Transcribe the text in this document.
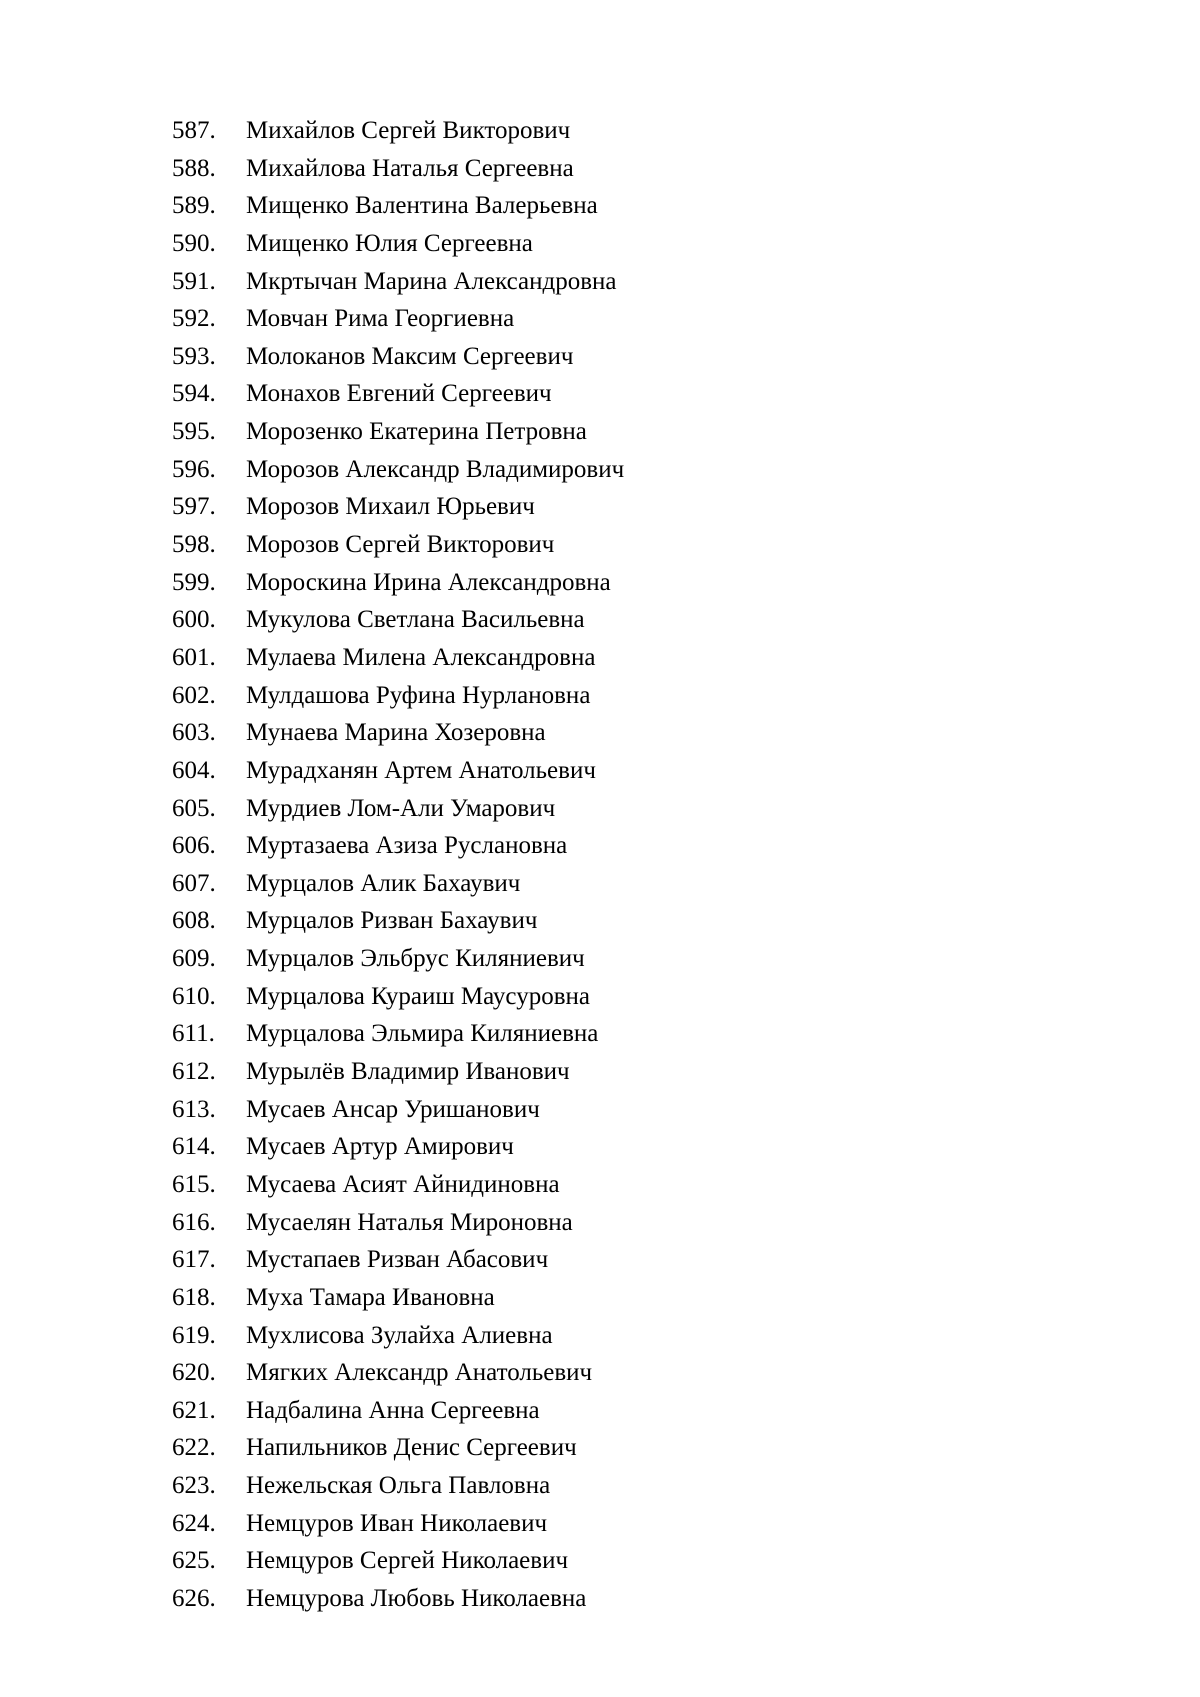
587. Михайлов Сергей Викторович
588. Михайлова Наталья Сергеевна
589. Мищенко Валентина Валерьевна
590. Мищенко Юлия Сергеевна
591. Мкртычан Марина Александровна
592. Мовчан Рима Георгиевна
593. Молоканов Максим Сергеевич
594. Монахов Евгений Сергеевич
595. Морозенко Екатерина Петровна
596. Морозов Александр Владимирович
597. Морозов Михаил Юрьевич
598. Морозов Сергей Викторович
599. Мороскина Ирина Александровна
600. Мукулова Светлана Васильевна
601. Мулаева Милена Александровна
602. Мулдашова Руфина Нурлановна
603. Мунаева Марина Хозеровна
604. Мурадханян Артем Анатольевич
605. Мурдиев Лом-Али Умарович
606. Муртазаева Азиза Руслановна
607. Мурцалов Алик Бахаувич
608. Мурцалов Ризван Бахаувич
609. Мурцалов Эльбрус Киляниевич
610. Мурцалова Кураиш Маусуровна
611. Мурцалова Эльмира Киляниевна
612. Мурылёв Владимир Иванович
613. Мусаев Ансар Уришанович
614. Мусаев Артур Амирович
615. Мусаева Асият Айнидиновна
616. Мусаелян Наталья Мироновна
617. Мустапаев Ризван Абасович
618. Муха Тамара Ивановна
619. Мухлисова Зулайха Алиевна
620. Мягких Александр Анатольевич
621. Надбалина Анна Сергеевна
622. Напильников Денис Сергеевич
623. Нежельская Ольга Павловна
624. Немцуров Иван Николаевич
625. Немцуров Сергей Николаевич
626. Немцурова Любовь Николаевна
